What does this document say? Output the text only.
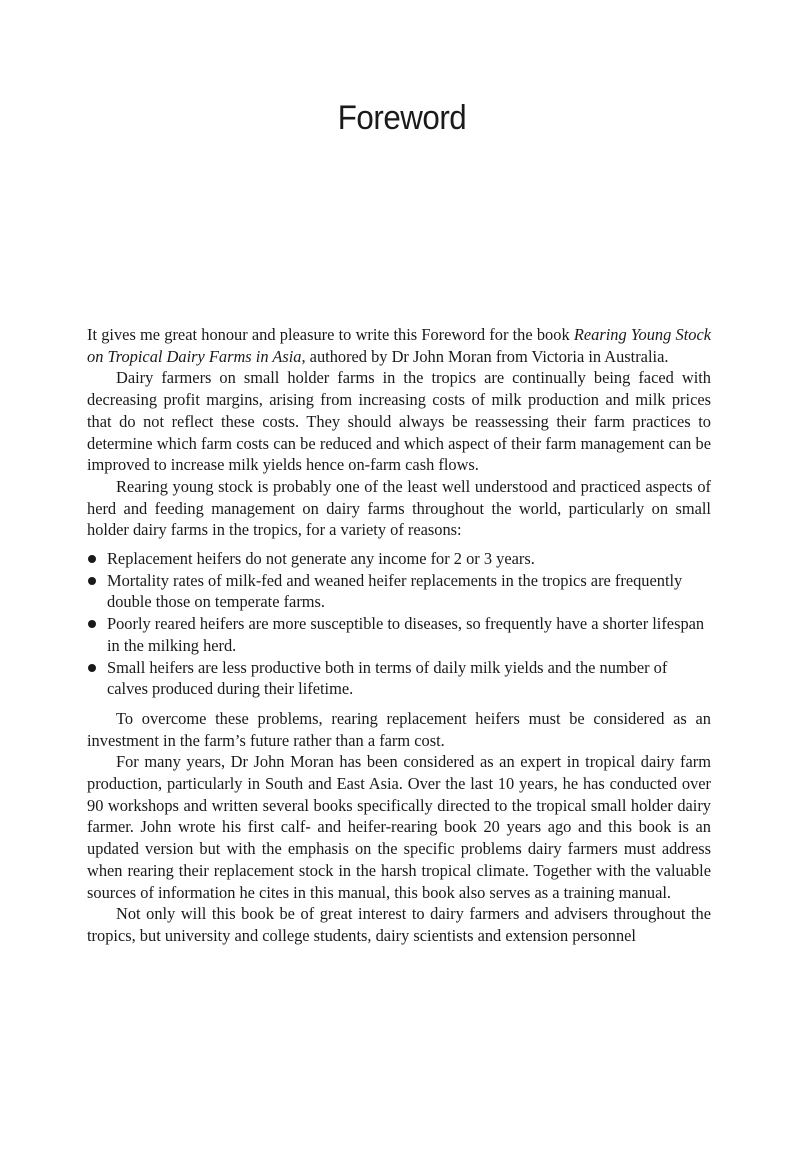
Foreword

It gives me great honour and pleasure to write this Foreword for the book Rearing Young Stock on Tropical Dairy Farms in Asia, authored by Dr John Moran from Victoria in Australia.

Dairy farmers on small holder farms in the tropics are continually being faced with decreasing profit margins, arising from increasing costs of milk production and milk prices that do not reflect these costs. They should always be reassessing their farm practices to determine which farm costs can be reduced and which aspect of their farm management can be improved to increase milk yields hence on-farm cash flows.

Rearing young stock is probably one of the least well understood and practiced aspects of herd and feeding management on dairy farms throughout the world, particularly on small holder dairy farms in the tropics, for a variety of reasons:

Replacement heifers do not generate any income for 2 or 3 years.
Mortality rates of milk-fed and weaned heifer replacements in the tropics are frequently double those on temperate farms.
Poorly reared heifers are more susceptible to diseases, so frequently have a shorter lifespan in the milking herd.
Small heifers are less productive both in terms of daily milk yields and the number of calves produced during their lifetime.

To overcome these problems, rearing replacement heifers must be considered as an investment in the farm’s future rather than a farm cost.

For many years, Dr John Moran has been considered as an expert in tropical dairy farm production, particularly in South and East Asia. Over the last 10 years, he has conducted over 90 workshops and written several books specifically directed to the tropical small holder dairy farmer. John wrote his first calf- and heifer-rearing book 20 years ago and this book is an updated version but with the emphasis on the specific problems dairy farmers must address when rearing their replacement stock in the harsh tropical climate. Together with the valuable sources of information he cites in this manual, this book also serves as a training manual.

Not only will this book be of great interest to dairy farmers and advisers throughout the tropics, but university and college students, dairy scientists and extension personnel
